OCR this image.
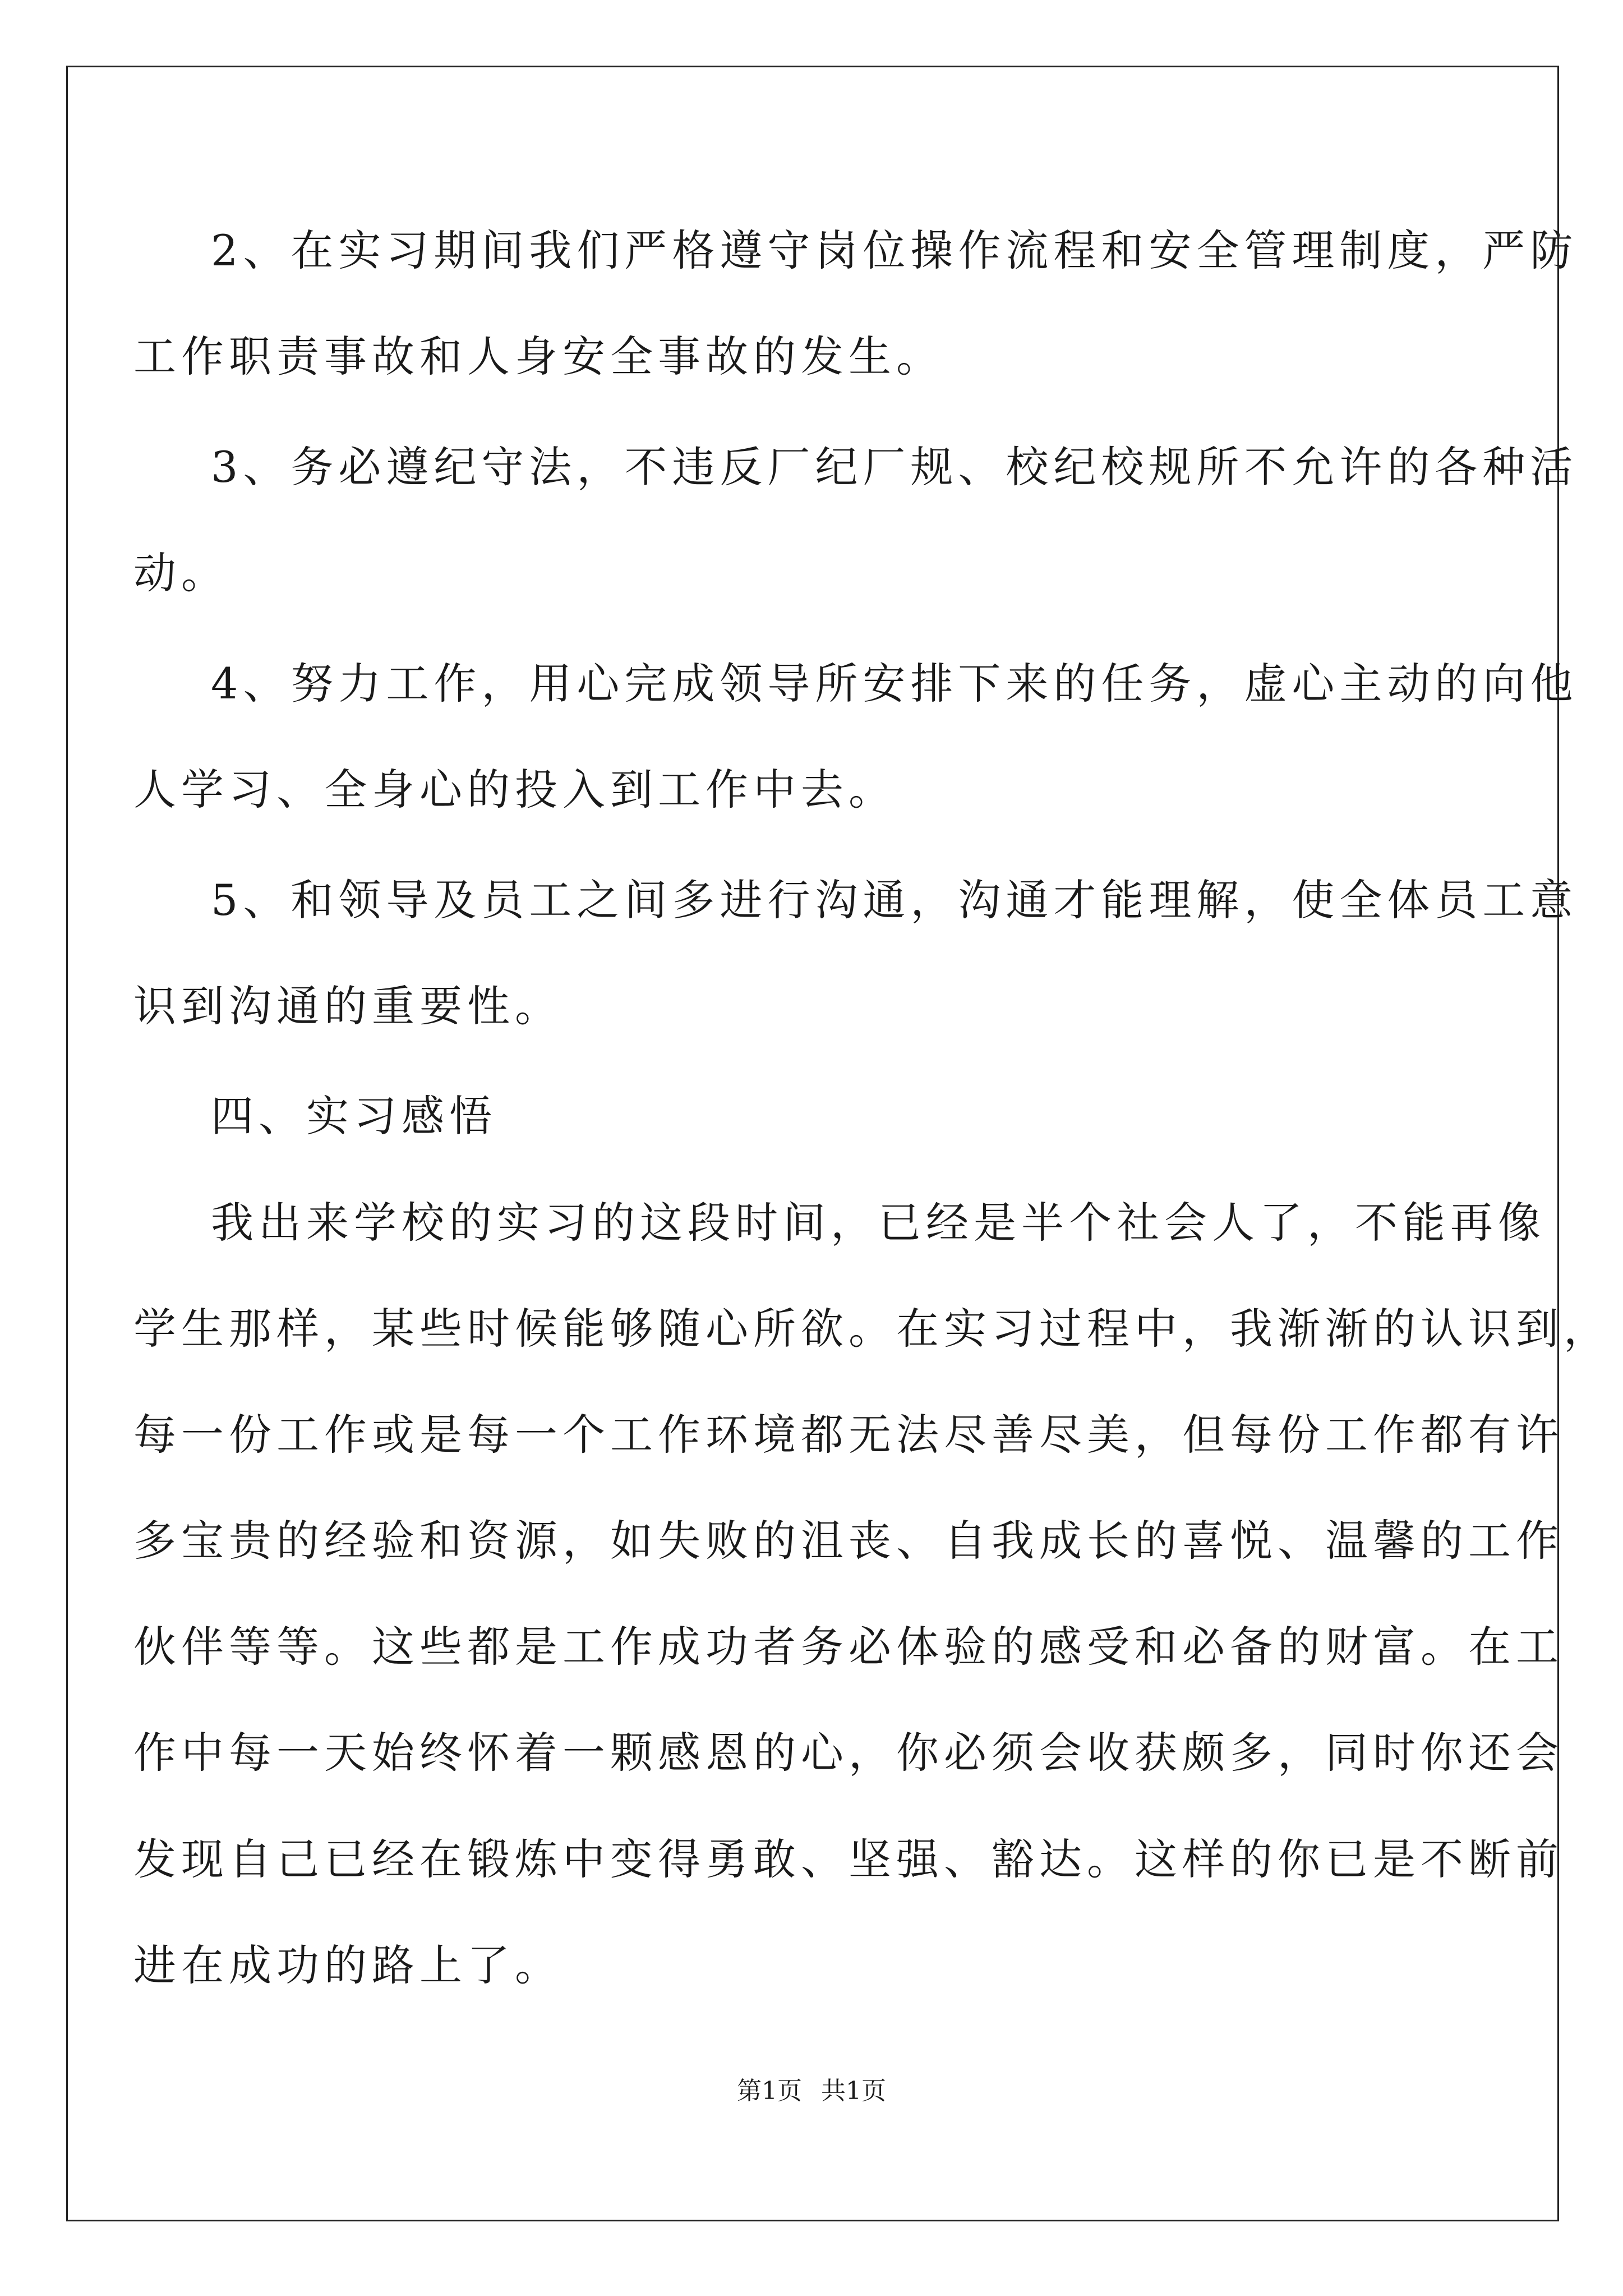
2、在实习期间我们严格遵守岗位操作流程和安全管理制度，严防
工作职责事故和人身安全事故的发生。
3、务必遵纪守法，不违反厂纪厂规、校纪校规所不允许的各种活
动。
4、努力工作，用心完成领导所安排下来的任务，虚心主动的向他
人学习、全身心的投入到工作中去。
5、和领导及员工之间多进行沟通，沟通才能理解，使全体员工意
识到沟通的重要性。
四、实习感悟
我出来学校的实习的这段时间，已经是半个社会人了，不能再像
学生那样，某些时候能够随心所欲。在实习过程中，我渐渐的认识到，
每一份工作或是每一个工作环境都无法尽善尽美，但每份工作都有许
多宝贵的经验和资源，如失败的沮丧、自我成长的喜悦、温馨的工作
伙伴等等。这些都是工作成功者务必体验的感受和必备的财富。在工
作中每一天始终怀着一颗感恩的心，你必须会收获颇多，同时你还会
发现自己已经在锻炼中变得勇敢、坚强、豁达。这样的你已是不断前
进在成功的路上了。
第1页 共1页
